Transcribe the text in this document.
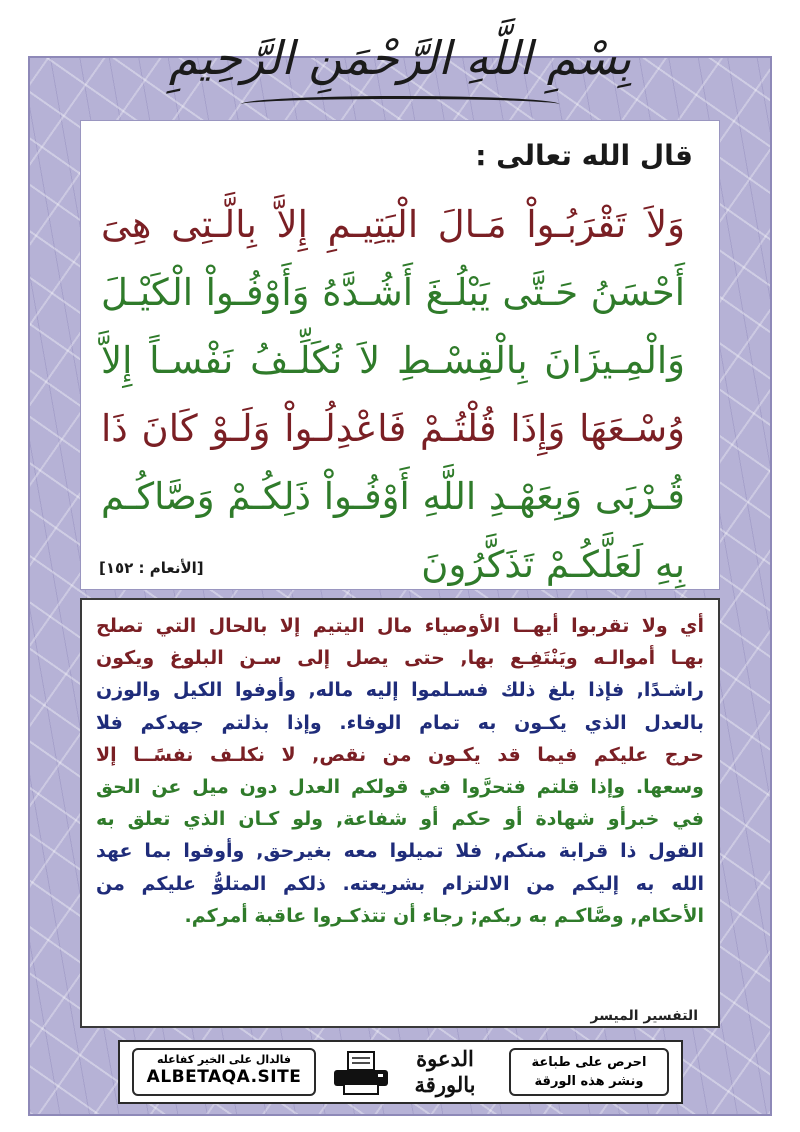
بِسْمِ اللَّهِ الرَّحْمَنِ الرَّحِيمِ
قال الله تعالى :
وَلاَ تَقْرَبُـواْ مَـالَ الْيَتِيـمِ إِلاَّ بِالَّـتِى هِىَ
أَحْسَنُ حَـتَّى يَبْلُـغَ أَشُـدَّهُ وَأَوْفُـواْ الْكَيْـلَ
وَالْمِـيزَانَ بِالْقِسْـطِ لاَ نُكَلِّـفُ نَفْسـاً إِلاَّ
وُسْـعَهَا وَإِذَا قُلْتُـمْ فَاعْدِلُـواْ وَلَـوْ كَانَ ذَا
قُـرْبَى وَبِعَهْـدِ اللَّهِ أَوْفُـواْ ذَلِكُـمْ وَصَّاكُـم
بِهِ لَعَلَّكُـمْ تَذَكَّرُونَ
[الأنعام : ١٥٢]
أي ولا تقربوا أيهــا الأوصياء مال اليتيم إلا بالحال التي تصلح
بهـا أموالـه ويَنْتَفِـع بها, حتى يصل إلى سـن البلوغ ويكون
راشـدًا, فإذا بلغ ذلك فسـلموا إليه ماله, وأوفوا الكيل والوزن
بالعدل الذي يكـون به تمام الوفاء. وإذا بذلتم جهدكم فلا
حرج عليكم فيما قد يكـون من نقص, لا نكلـف نفسًــا إلا
وسعها. وإذا قلتم فتحرَّوا في قولكم العدل دون ميل عن الحق
في خبرأو شهادة أو حكم أو شفاعة, ولو كـان الذي تعلق به
القول ذا قرابة منكم, فلا تميلوا معه بغيرحق, وأوفوا بما عهد
الله به إليكم من الالتزام بشريعته. ذلكم المتلوُّ عليكم من
الأحكام, وصَّاكـم به ربكم; رجاء أن تتذكـروا عاقبة أمركم.
التفسير الميسر
احرص على طباعة
ونشر هذه الورقة
الدعوة
بالورقة
فالدال على الخير كفاعله
ALBETAQA.SITE
